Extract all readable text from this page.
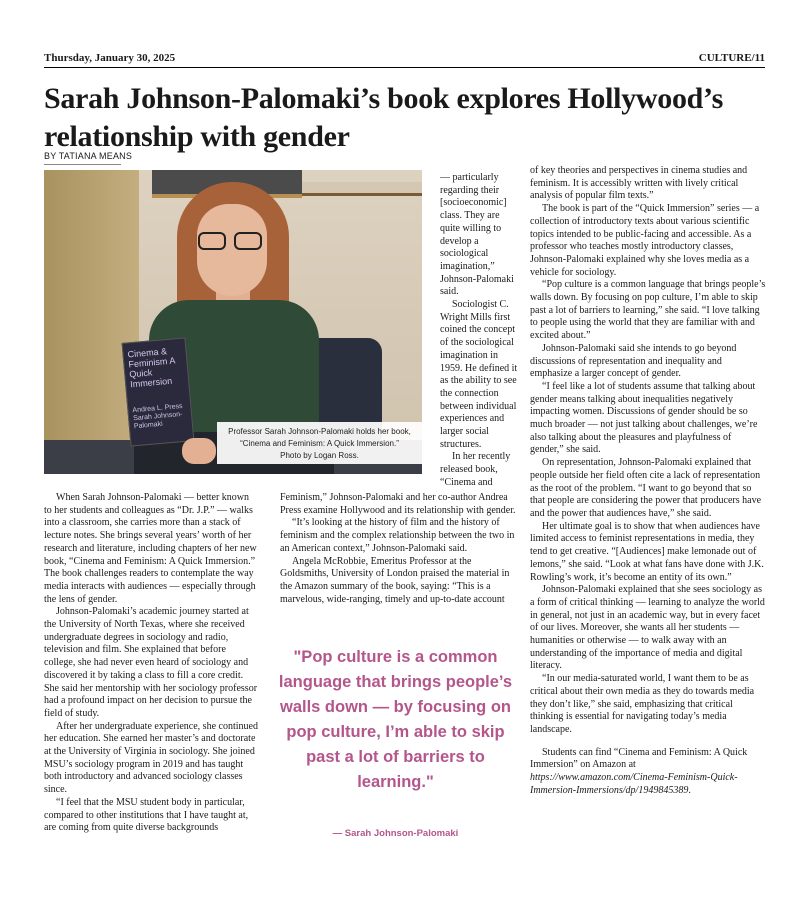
Thursday, January 30, 2025	CULTURE/11
Sarah Johnson-Palomaki’s book explores Hollywood’s relationship with gender
BY TATIANA MEANS
Cinema & Feminism A Quick Immersion
Andrea L. Press Sarah Johnson-Palomaki
Professor Sarah Johnson-Palomaki holds her book,
“Cinema and Feminism: A Quick Immersion.”
Photo by Logan Ross.

When Sarah Johnson-Palomaki — better known to her students and colleagues as “Dr. J.P.” — walks into a classroom, she carries more than a stack of lecture notes. She brings several years’ worth of her research and literature, including chapters of her new book, “Cinema and Feminism: A Quick Immersion.” The book challenges readers to contemplate the way media interacts with audiences — especially through the lens of gender.

Johnson-Palomaki’s academic journey started at the University of North Texas, where she received undergraduate degrees in sociology and radio, television and film. She explained that before college, she had never even heard of sociology and discovered it by taking a class to fill a core credit. She said her mentorship with her sociology professor had a profound impact on her decision to pursue the field of study.

After her undergraduate experience, she continued her education. She earned her master’s and doctorate at the University of Virginia in sociology. She joined MSU’s sociology program in 2019 and has taught both introductory and advanced sociology classes since.

“I feel that the MSU student body in particular, compared to other institutions that I have taught at, are coming from quite diverse backgrounds

— particularly regarding their [socioeconomic] class. They are quite willing to develop a sociological imagination,” Johnson-Palomaki said.

Sociologist C. Wright Mills first coined the concept of the sociological imagination in 1959. He defined it as the ability to see the connection between individual experiences and larger social structures.

In her recently released book, “Cinema and

Feminism,” Johnson-Palomaki and her co-author Andrea Press examine Hollywood and its relationship with gender.

“It’s looking at the history of film and the history of feminism and the complex relationship between the two in an American context,” Johnson-Palomaki said.

Angela McRobbie, Emeritus Professor at the Goldsmiths, University of London praised the material in the Amazon summary of the book, saying: “This is a marvelous, wide-ranging, timely and up-to-date account

"Pop culture is a common language that brings people’s walls down — by focusing on pop culture, I’m able to skip past a lot of barriers to learning."
— Sarah Johnson-Palomaki

of key theories and perspectives in cinema studies and feminism. It is accessibly written with lively critical analysis of popular film texts.”

The book is part of the “Quick Immersion” series — a collection of introductory texts about various scientific topics intended to be public-facing and accessible. As a professor who teaches mostly introductory classes, Johnson-Palomaki explained why she loves media as a vehicle for sociology.

“Pop culture is a common language that brings people’s walls down. By focusing on pop culture, I’m able to skip past a lot of barriers to learning,” she said. “I love talking to people using the world that they are familiar with and excited about.”

Johnson-Palomaki said she intends to go beyond discussions of representation and inequality and emphasize a larger concept of gender.

“I feel like a lot of students assume that talking about gender means talking about inequalities negatively impacting women. Discussions of gender should be so much broader — not just talking about challenges, we’re also talking about the pleasures and playfulness of gender,” she said.

On representation, Johnson-Palomaki explained that people outside her field often cite a lack of representation as the root of the problem. “I want to go beyond that so that people are considering the power that producers have and the power that audiences have,” she said.

Her ultimate goal is to show that when audiences have limited access to feminist representations in media, they tend to get creative. “[Audiences] make lemonade out of lemons,” she said. “Look at what fans have done with J.K. Rowling’s work, it’s become an entity of its own.”

Johnson-Palomaki explained that she sees sociology as a form of critical thinking — learning to analyze the world in general, not just in an academic way, but in every facet of our lives. Moreover, she wants all her students — humanities or otherwise — to walk away with an understanding of the importance of media and digital literacy.

“In our media-saturated world, I want them to be as critical about their own media as they do towards media they don’t like,” she said, emphasizing that critical thinking is essential for navigating today’s media landscape.

Students can find “Cinema and Feminism: A Quick Immersion” on Amazon at https://www.amazon.com/Cinema-Feminism-Quick-Immersion-Immersions/dp/1949845389.
